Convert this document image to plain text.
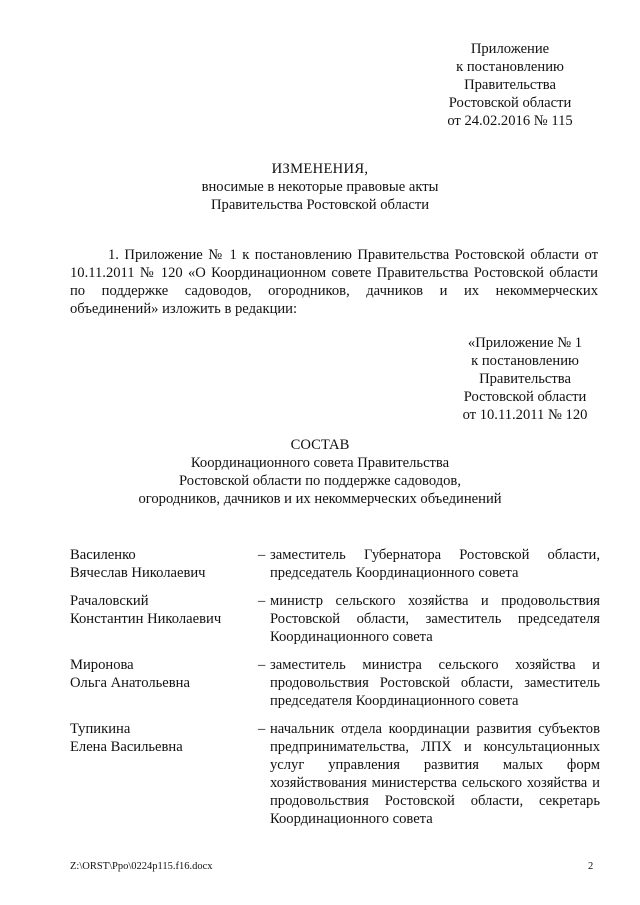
Приложение
к постановлению
Правительства
Ростовской области
от 24.02.2016 № 115
ИЗМЕНЕНИЯ,
вносимые в некоторые правовые акты
Правительства Ростовской области
1. Приложение № 1 к постановлению Правительства Ростовской области от 10.11.2011 № 120 «О Координационном совете Правительства Ростовской области по поддержке садоводов, огородников, дачников и их некоммерческих объединений» изложить в редакции:
«Приложение № 1
к постановлению
Правительства
Ростовской области
от 10.11.2011 № 120
СОСТАВ
Координационного совета Правительства
Ростовской области по поддержке садоводов,
огородников, дачников и их некоммерческих объединений
Василенко
Вячеслав Николаевич
– заместитель Губернатора Ростовской области, председатель Координационного совета
Рачаловский
Константин Николаевич
– министр сельского хозяйства и продовольствия Ростовской области, заместитель председателя Координационного совета
Миронова
Ольга Анатольевна
– заместитель министра сельского хозяйства и продовольствия Ростовской области, заместитель председателя Координационного совета
Тупикина
Елена Васильевна
– начальник отдела координации развития субъектов предпринимательства, ЛПХ и консультационных услуг управления развития малых форм хозяйствования министерства сельского хозяйства и продовольствия Ростовской области, секретарь Координационного совета
Z:\ORST\Ppo\0224p115.f16.docx	2
